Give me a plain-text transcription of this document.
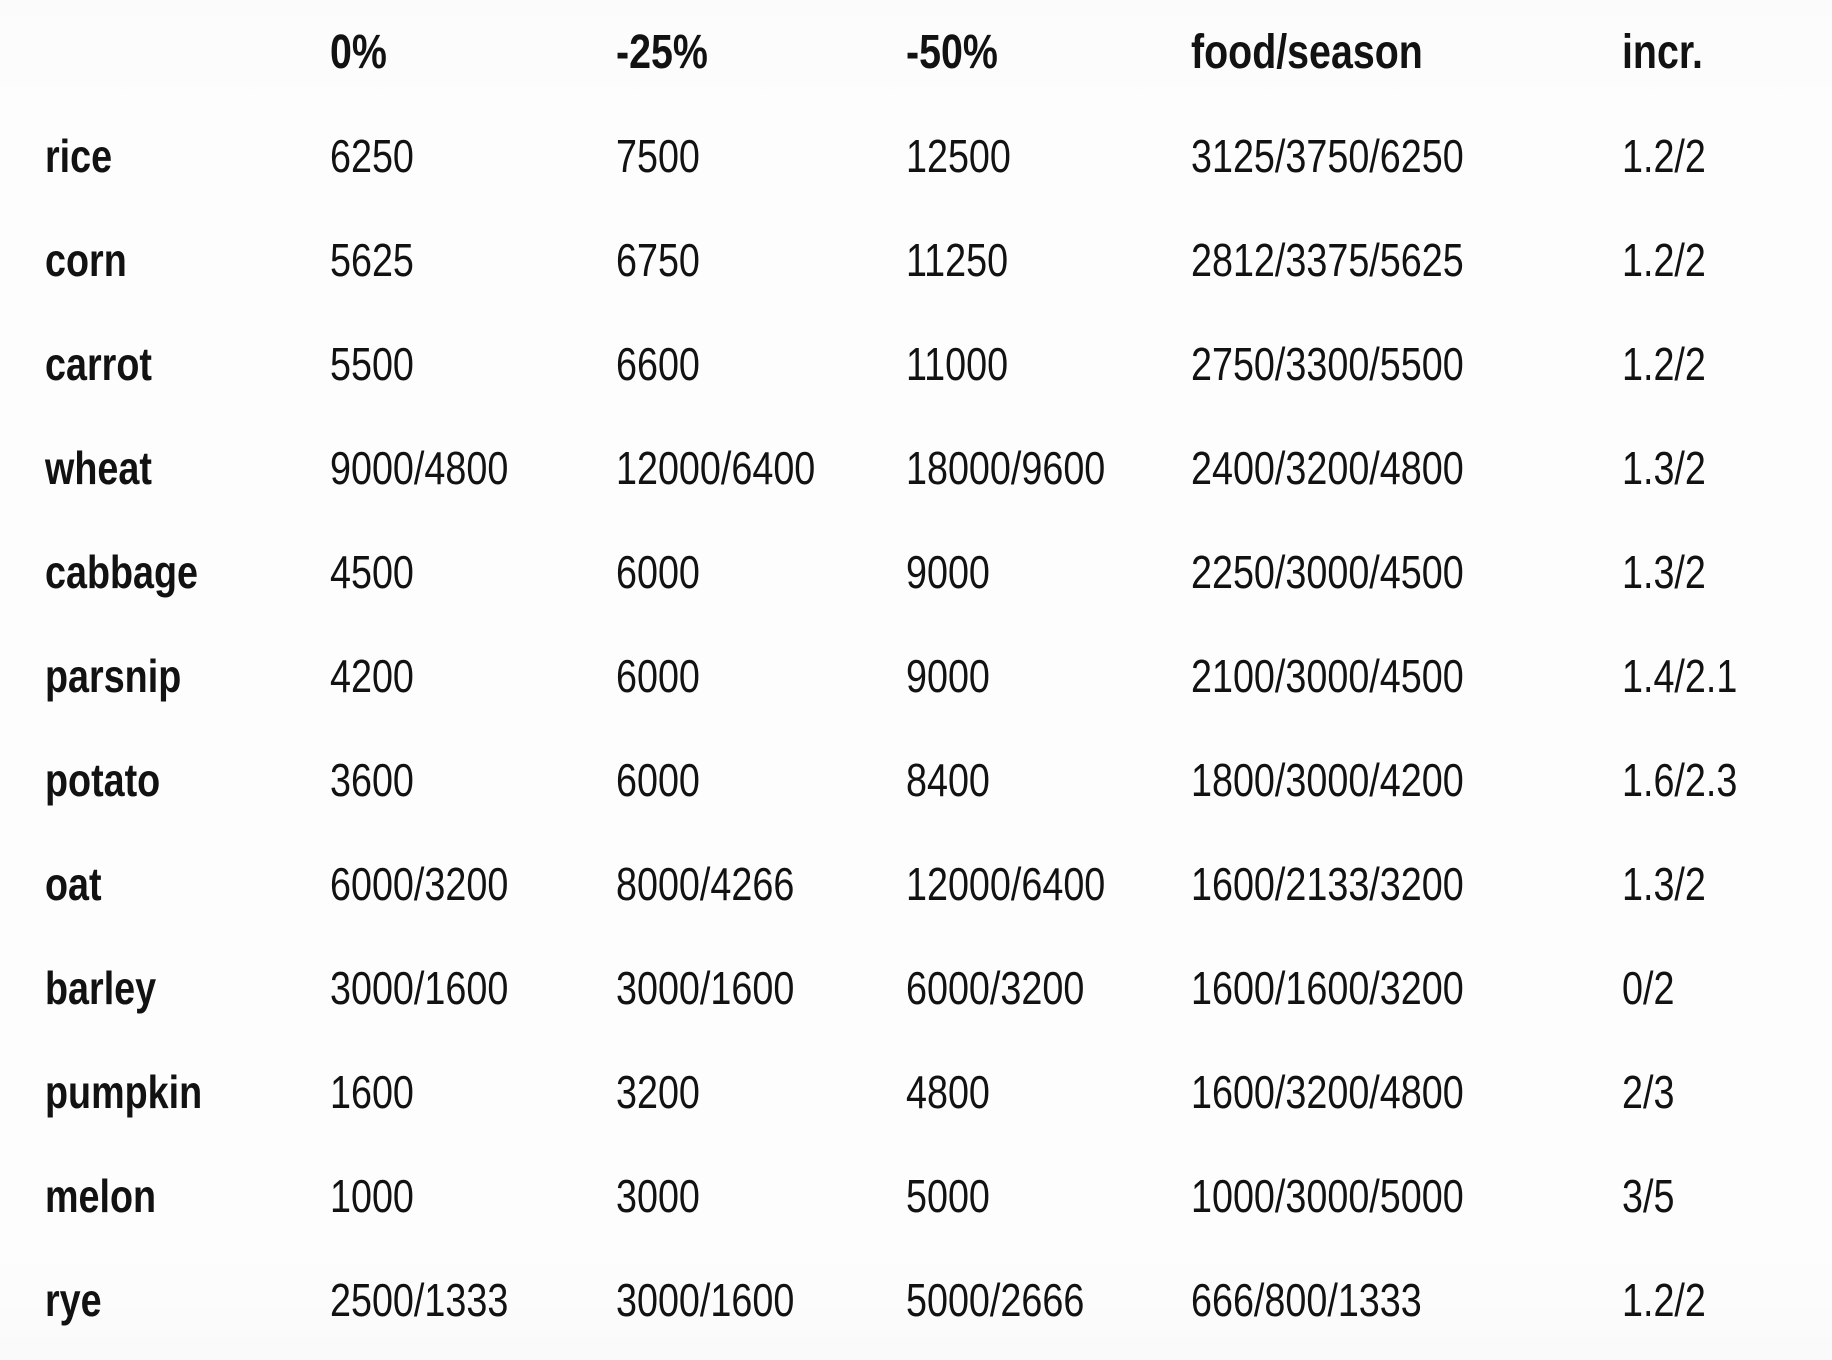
0%	-25%	-50%	food/season	incr.
rice	6250	7500	12500	3125/3750/6250	1.2/2
corn	5625	6750	11250	2812/3375/5625	1.2/2
carrot	5500	6600	11000	2750/3300/5500	1.2/2
wheat	9000/4800 12000/6400 18000/9600 2400/3200/4800	1.3/2
cabbage	4500	6000	9000	2250/3000/4500	1.3/2
parsnip	4200	6000	9000	2100/3000/4500	1.4/2.1
potato	3600	6000	8400	1800/3000/4200	1.6/2.3
oat	6000/3200 8000/4266 12000/6400 1600/2133/3200	1.3/2
barley	3000/1600 3000/1600 6000/3200 1600/1600/3200	0/2
pumpkin	1600	3200	4800	1600/3200/4800	2/3
melon	1000	3000	5000	1000/3000/5000	3/5
rye	2500/1333 3000/1600 5000/2666 666/800/1333	1.2/2
